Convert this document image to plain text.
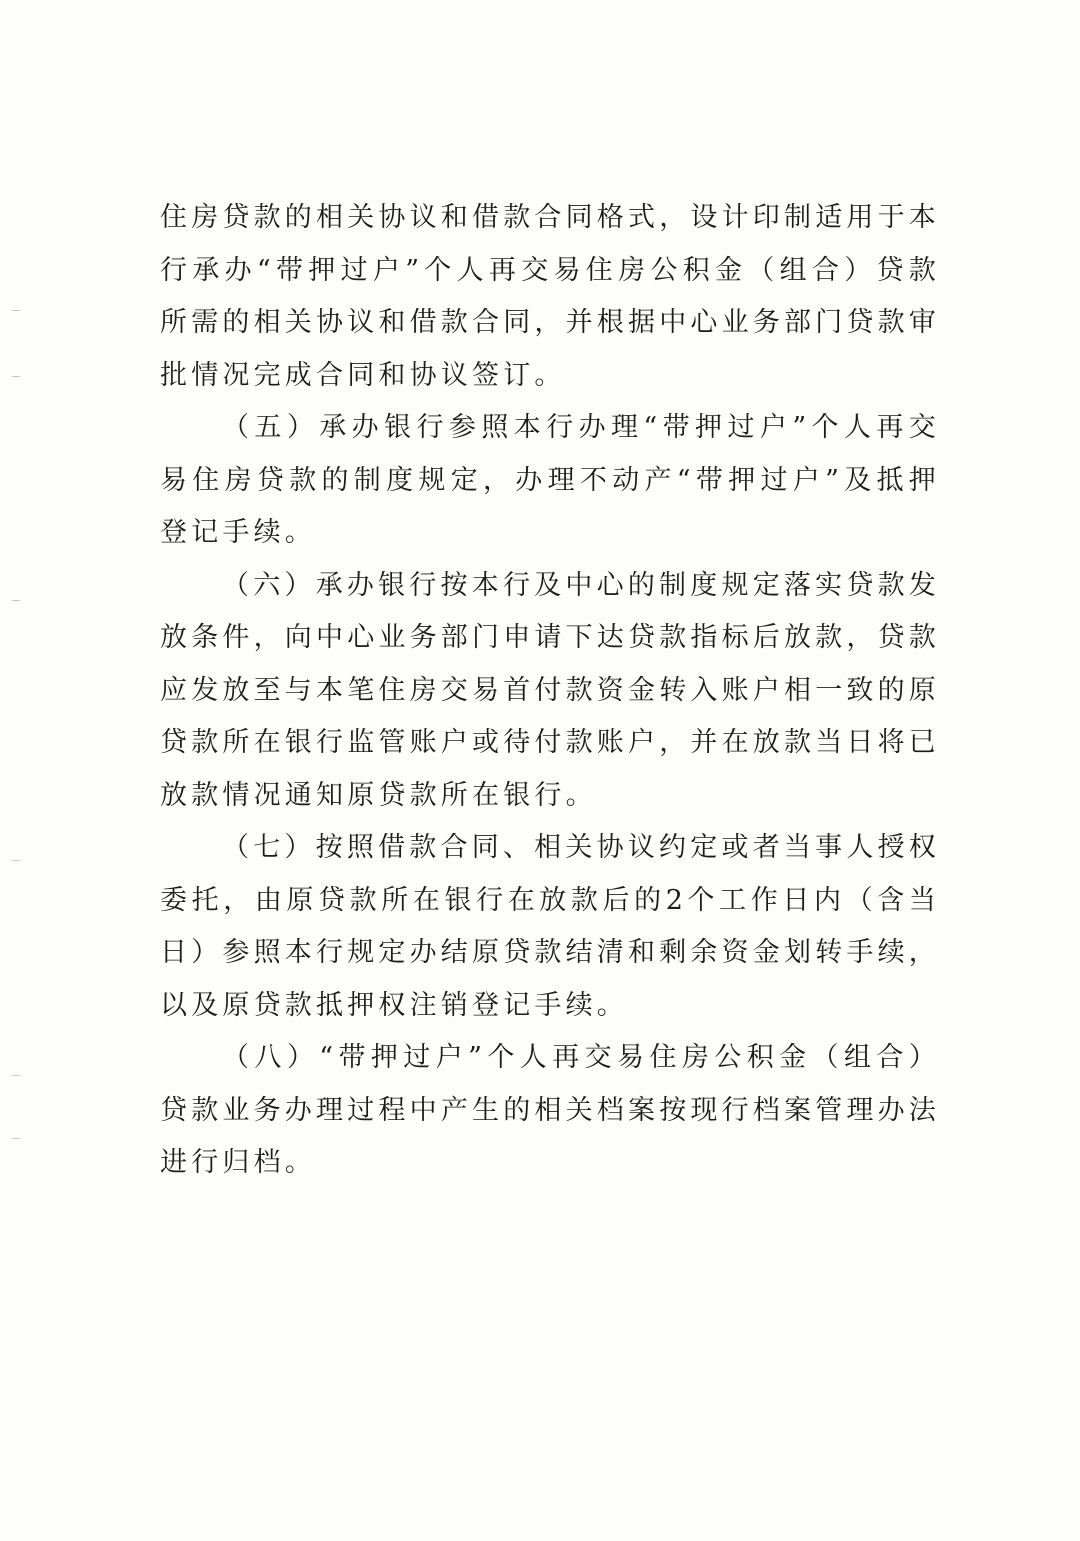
住房贷款的相关协议和借款合同格式，设计印制适用于本行承办“带押过户”个人再交易住房公积金（组合）贷款所需的相关协议和借款合同，并根据中心业务部门贷款审批情况完成合同和协议签订。

（五）承办银行参照本行办理“带押过户”个人再交易住房贷款的制度规定，办理不动产“带押过户”及抵押登记手续。

（六）承办银行按本行及中心的制度规定落实贷款发放条件，向中心业务部门申请下达贷款指标后放款，贷款应发放至与本笔住房交易首付款资金转入账户相一致的原贷款所在银行监管账户或待付款账户，并在放款当日将已放款情况通知原贷款所在银行。

（七）按照借款合同、相关协议约定或者当事人授权委托，由原贷款所在银行在放款后的2个工作日内（含当日）参照本行规定办结原贷款结清和剩余资金划转手续，以及原贷款抵押权注销登记手续。

（八）“带押过户”个人再交易住房公积金（组合）贷款业务办理过程中产生的相关档案按现行档案管理办法进行归档。
